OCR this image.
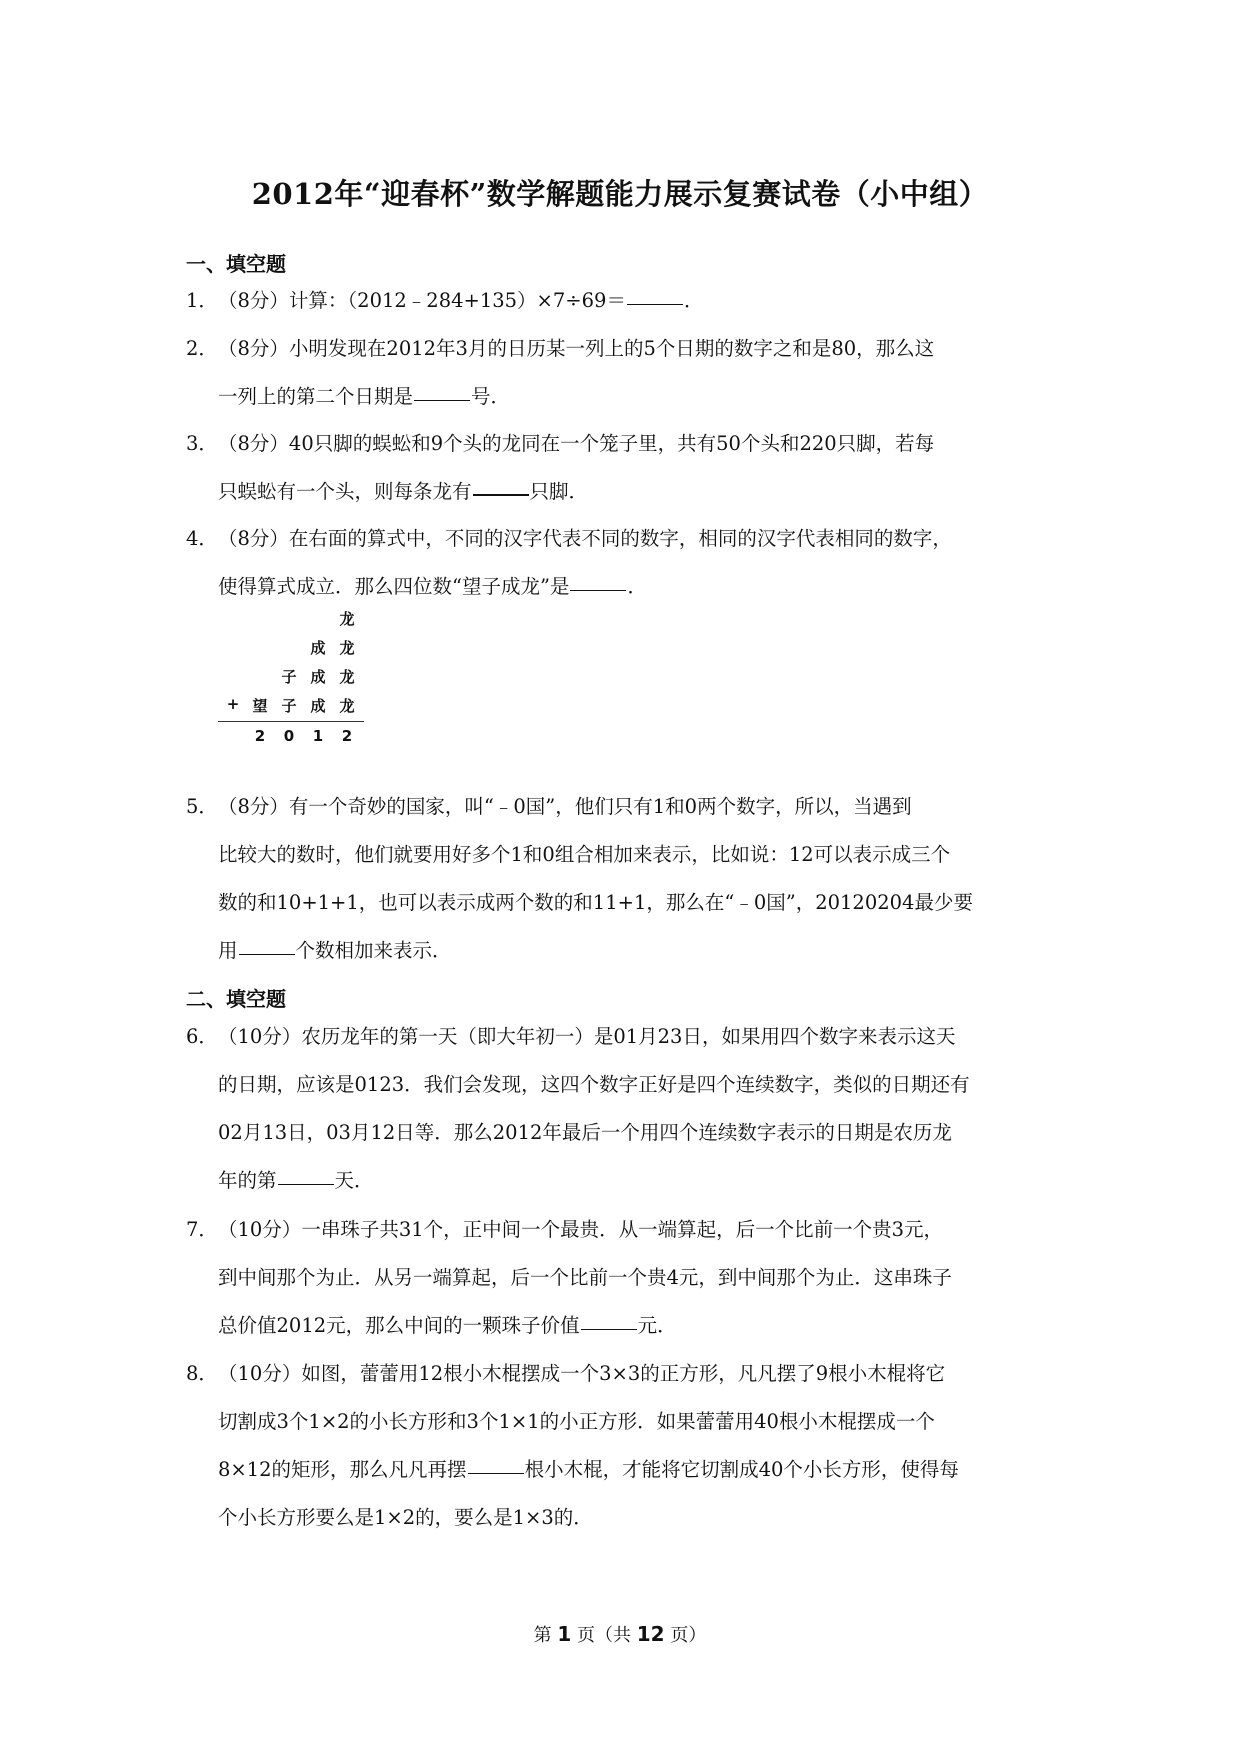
2012年“迎春杯”数学解题能力展示复赛试卷（小中组）
一、填空题
1．（8分）计算：（2012﹣284+135）×7÷69＝	．
2．（8分）小明发现在2012年3月的日历某一列上的5个日期的数字之和是80，那么这
一列上的第二个日期是	号．
3．（8分）40只脚的蜈蚣和9个头的龙同在一个笼子里，共有50个头和220只脚，若每
只蜈蚣有一个头，则每条龙有	只脚．
4．（8分）在右面的算式中，不同的汉字代表不同的数字，相同的汉字代表相同的数字，
使得算式成立．那么四位数“望子成龙”是	．
龙
成 龙
子 成 龙
+ 望 子 成 龙
2	0	1	2
5．（8分）有一个奇妙的国家，叫“﹣0国”，他们只有1和0两个数字，所以，当遇到
比较大的数时，他们就要用好多个1和0组合相加来表示，比如说：12可以表示成三个
数的和10+1+1，也可以表示成两个数的和11+1，那么在“﹣0国”，20120204最少要
用	个数相加来表示．
二、填空题
6．（10分）农历龙年的第一天（即大年初一）是01月23日，如果用四个数字来表示这天
的日期，应该是0123．我们会发现，这四个数字正好是四个连续数字，类似的日期还有
02月13日，03月12日等．那么2012年最后一个用四个连续数字表示的日期是农历龙
年的第	天．
7．（10分）一串珠子共31个，正中间一个最贵．从一端算起，后一个比前一个贵3元，
到中间那个为止．从另一端算起，后一个比前一个贵4元，到中间那个为止．这串珠子
总价值2012元，那么中间的一颗珠子价值	元．
8．（10分）如图，蕾蕾用12根小木棍摆成一个3×3的正方形，凡凡摆了9根小木棍将它
切割成3个1×2的小长方形和3个1×1的小正方形．如果蕾蕾用40根小木棍摆成一个
8×12的矩形，那么凡凡再摆	根小木棍，才能将它切割成40个小长方形，使得每
个小长方形要么是1×2的，要么是1×3的．
第 1 页（共 12 页）
